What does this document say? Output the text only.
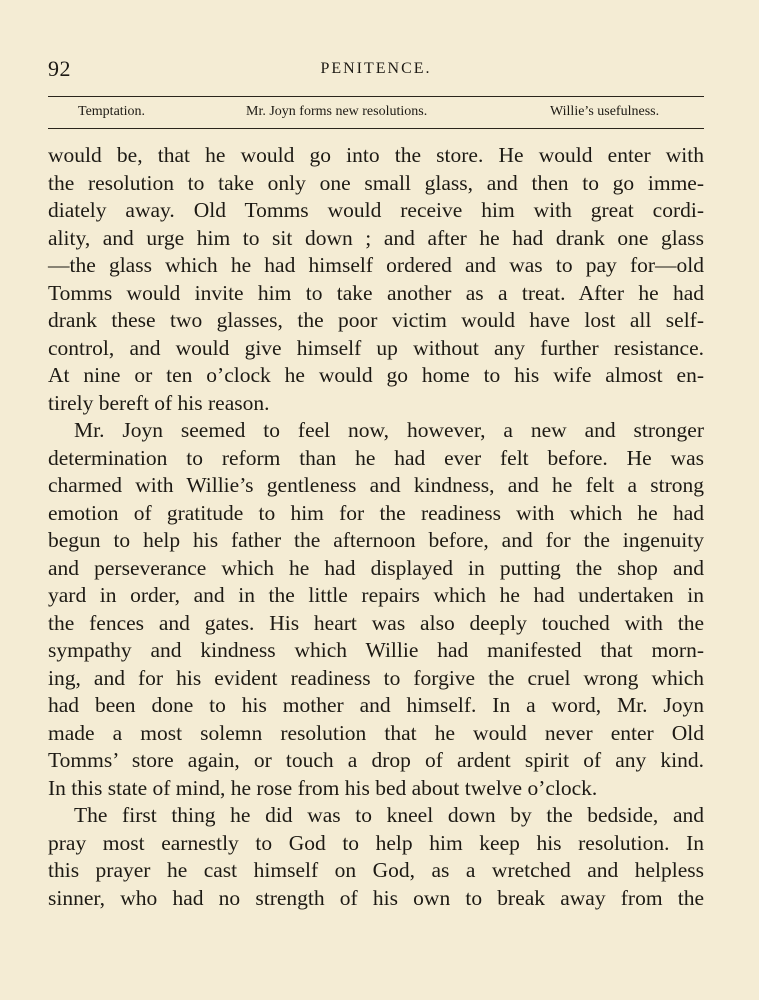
92	PENITENCE.
Temptation.	Mr. Joyn forms new resolutions.	Willie’s usefulness.
would be, that he would go into the store. He would enter with
the resolution to take only one small glass, and then to go imme-
diately away. Old Tomms would receive him with great cordi-
ality, and urge him to sit down ; and after he had drank one glass
—the glass which he had himself ordered and was to pay for—old
Tomms would invite him to take another as a treat. After he had
drank these two glasses, the poor victim would have lost all self-
control, and would give himself up without any further resistance.
At nine or ten o’clock he would go home to his wife almost en-
tirely bereft of his reason.
Mr. Joyn seemed to feel now, however, a new and stronger
determination to reform than he had ever felt before. He was
charmed with Willie’s gentleness and kindness, and he felt a strong
emotion of gratitude to him for the readiness with which he had
begun to help his father the afternoon before, and for the ingenuity
and perseverance which he had displayed in putting the shop and
yard in order, and in the little repairs which he had undertaken in
the fences and gates. His heart was also deeply touched with the
sympathy and kindness which Willie had manifested that morn-
ing, and for his evident readiness to forgive the cruel wrong which
had been done to his mother and himself. In a word, Mr. Joyn
made a most solemn resolution that he would never enter Old
Tomms’ store again, or touch a drop of ardent spirit of any kind.
In this state of mind, he rose from his bed about twelve o’clock.
The first thing he did was to kneel down by the bedside, and
pray most earnestly to God to help him keep his resolution. In
this prayer he cast himself on God, as a wretched and helpless
sinner, who had no strength of his own to break away from the
